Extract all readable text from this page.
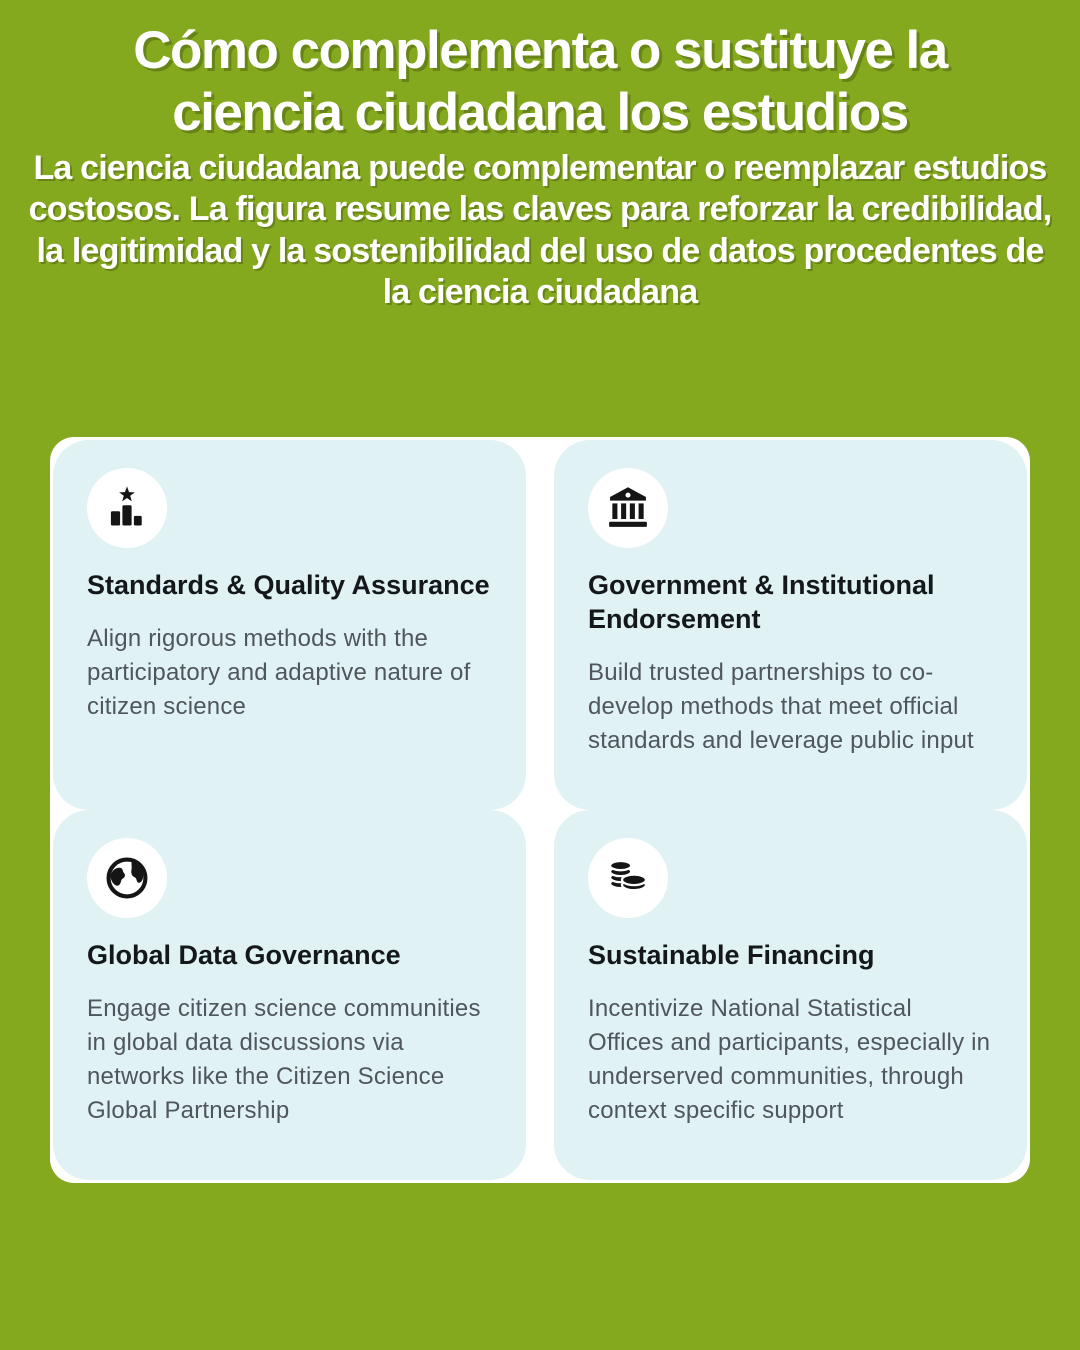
Cómo complementa o sustituye la ciencia ciudadana los estudios

La ciencia ciudadana puede complementar o reemplazar estudios costosos. La figura resume las claves para reforzar la credibilidad, la legitimidad y la sostenibilidad del uso de datos procedentes de la ciencia ciudadana

Standards & Quality Assurance

Align rigorous methods with the participatory and adaptive nature of citizen science

Government & Institutional Endorsement

Build trusted partnerships to co-develop methods that meet official standards and leverage public input

Global Data Governance

Engage citizen science communities in global data discussions via networks like the Citizen Science Global Partnership

Sustainable Financing

Incentivize National Statistical Offices and participants, especially in underserved communities, through context specific support
